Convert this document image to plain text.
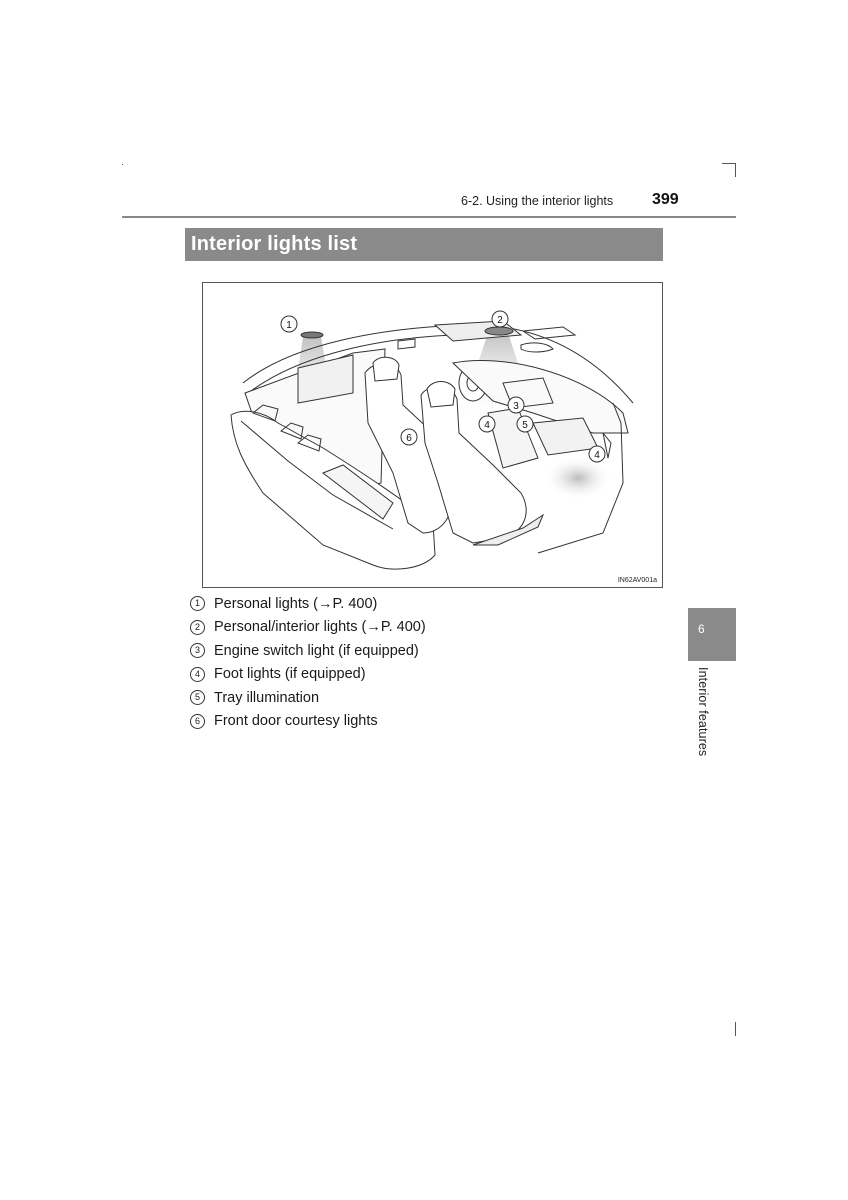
6-2. Using the interior lights 399
Interior lights list
1	2
3
4	5
4
6
IN62AV001a
1 Personal lights (→P. 400)
2 Personal/interior lights (→P. 400)
3 Engine switch light (if equipped)
4 Foot lights (if equipped)
5 Tray illumination
6 Front door courtesy lights
6
Interior features
